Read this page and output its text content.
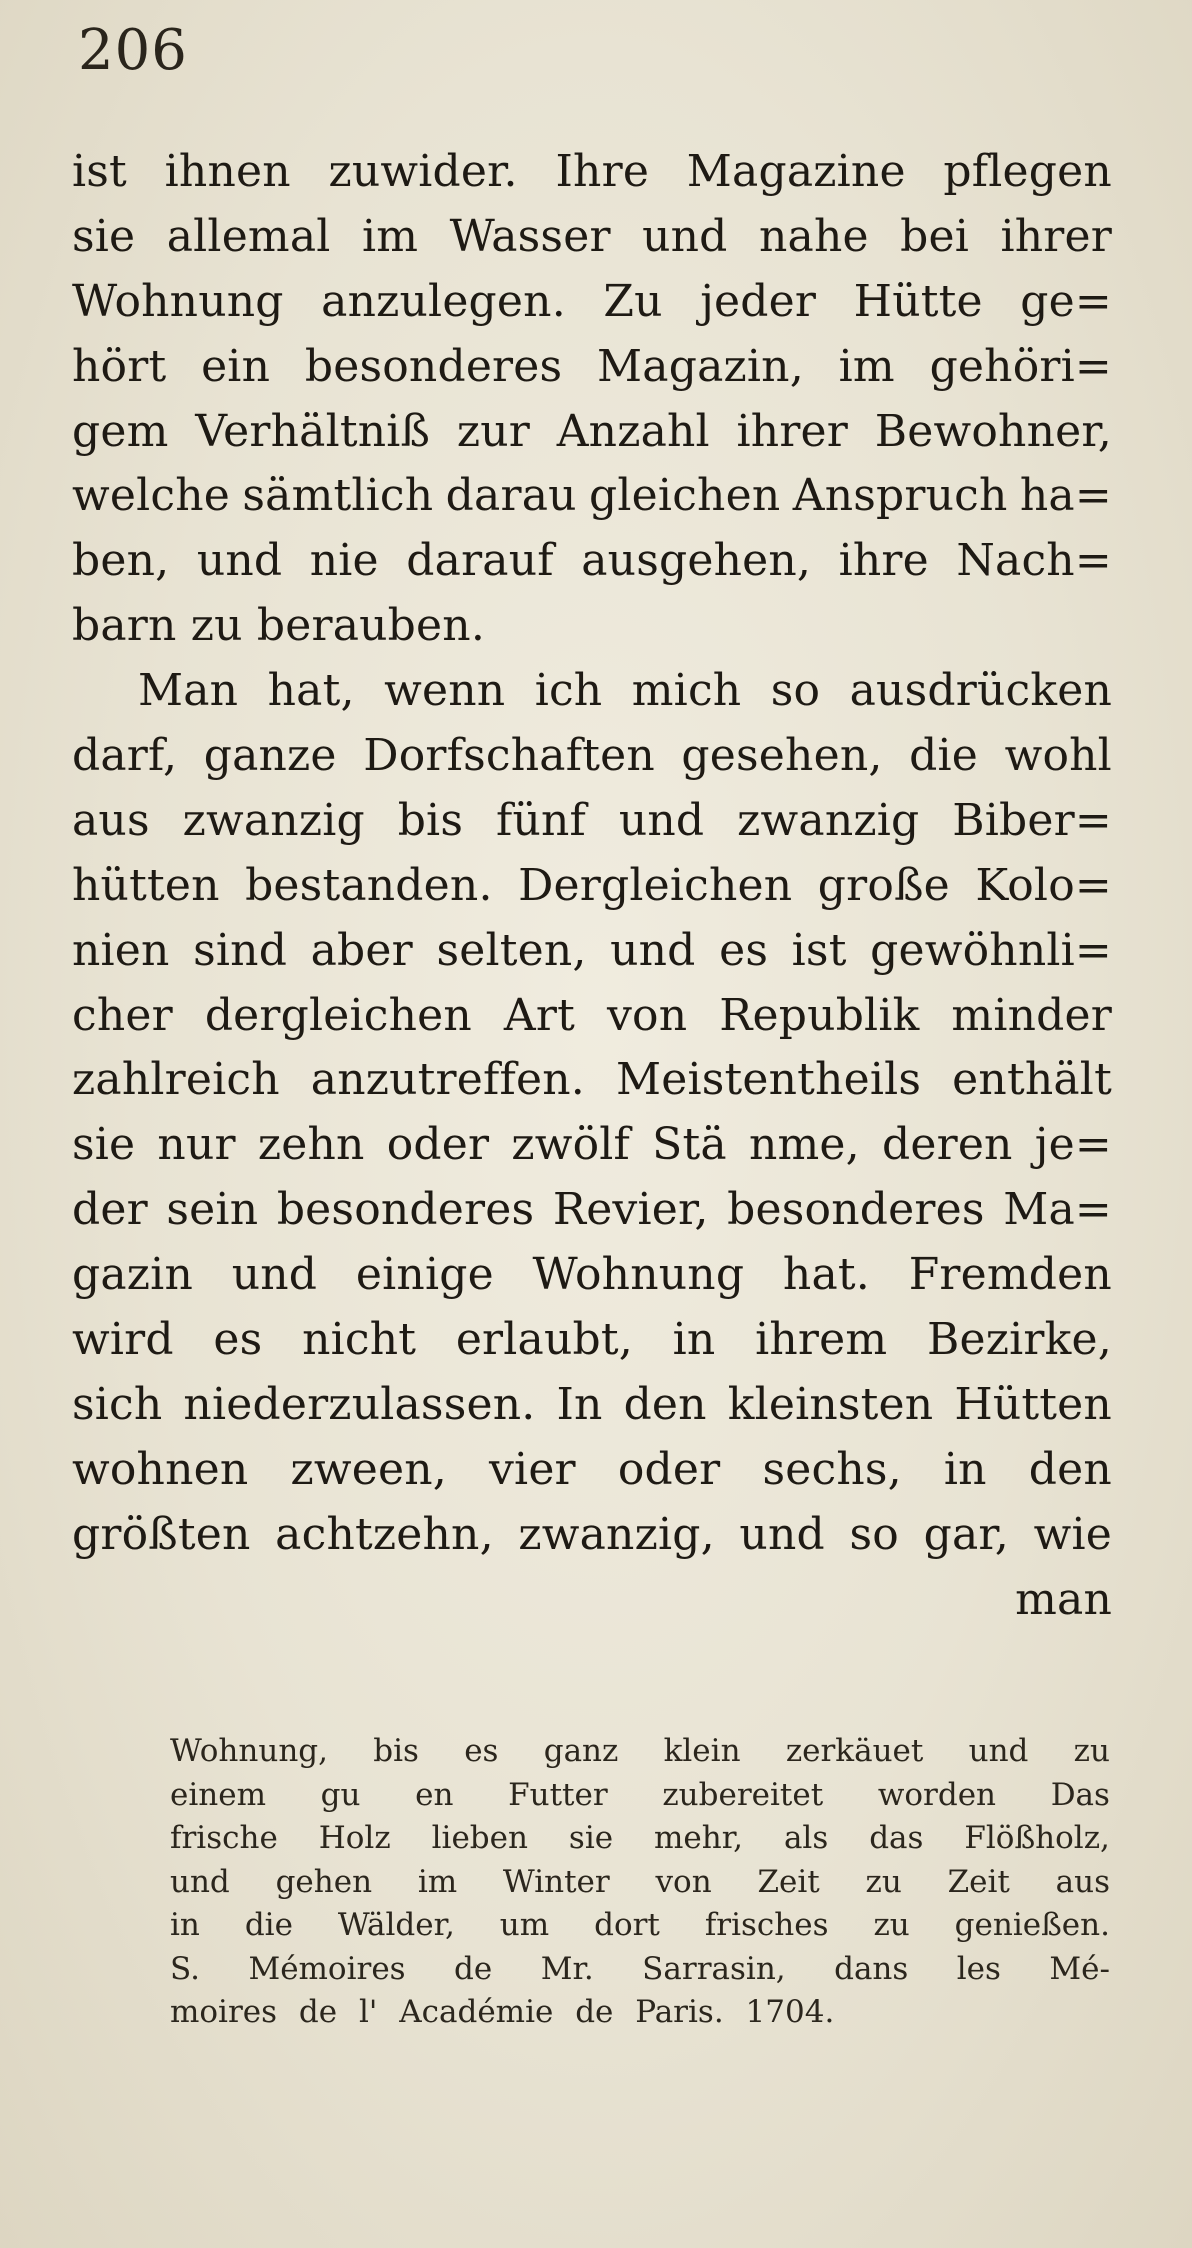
206
ist ihnen zuwider. Ihre Magazine pflegen
sie allemal im Wasser und nahe bei ihrer
Wohnung anzulegen. Zu jeder Hütte ge=
hört ein besonderes Magazin, im gehöri=
gem Verhältniß zur Anzahl ihrer Bewohner,
welche sämtlich darau gleichen Anspruch ha=
ben, und nie darauf ausgehen, ihre Nach=
barn zu berauben.
Man hat, wenn ich mich so ausdrücken
darf, ganze Dorfschaften gesehen, die wohl
aus zwanzig bis fünf und zwanzig Biber=
hütten bestanden. Dergleichen große Kolo=
nien sind aber selten, und es ist gewöhnli=
cher dergleichen Art von Republik minder
zahlreich anzutreffen. Meistentheils enthält
sie nur zehn oder zwölf Stä nme, deren je=
der sein besonderes Revier, besonderes Ma=
gazin und einige Wohnung hat. Fremden
wird es nicht erlaubt, in ihrem Bezirke,
sich niederzulassen. In den kleinsten Hütten
wohnen zween, vier oder sechs, in den
größten achtzehn, zwanzig, und so gar, wie
man
Wohnung, bis es ganz klein zerkäuet und zu
einem gu en Futter zubereitet worden Das
frische Holz lieben sie mehr, als das Flößholz,
und gehen im Winter von Zeit zu Zeit aus
in die Wälder, um dort frisches zu genießen.
S. Mémoires de Mr. Sarrasin, dans les Mé-
moires de l' Académie de Paris. 1704.
